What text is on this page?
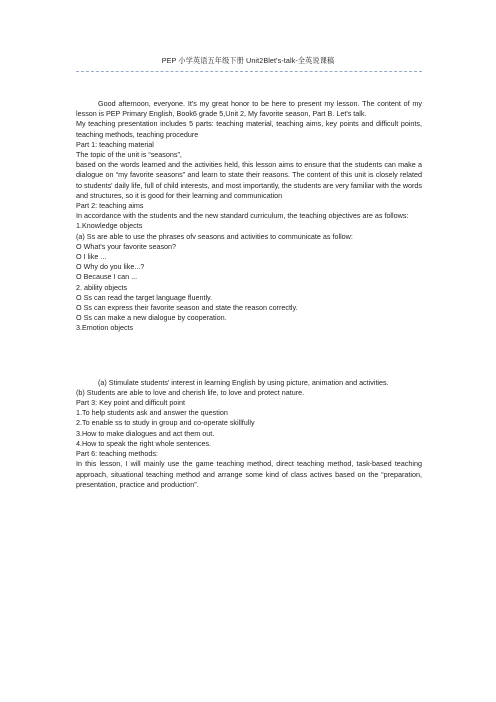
PEP 小学英语五年级下册 Unit2Blet's-talk-全英说课稿

Good afternoon, everyone. It's my great honor to be here to present my lesson. The content of my lesson is PEP Primary English, Book6 grade 5,Unit 2, My favorite season, Part B. Let's talk.

My teaching presentation includes 5 parts: teaching material, teaching aims, key points and difficult points, teaching methods, teaching procedure

Part 1: teaching material

The topic of the unit is “seasons”,

based on the words learned and the activities held, this lesson aims to ensure that the students can make a dialogue on “my favorite seasons” and learn to state their reasons. The content of this unit is closely related to students' daily life, full of child interests, and most importantly, the students are very familiar with the words and structures, so it is good for their learning and communication

Part 2: teaching aims

In accordance with the students and the new standard curriculum, the teaching objectives are as follows:

1.Knowledge objects

(a) Ss are able to use the phrases ofv seasons and activities to communicate as follow:

O What's your favorite season?

O I like ...

O Why do you like...?

O Because I can ...

2. ability objects

O Ss can read the target language fluently.

O Ss can express their favorite season and state the reason correctly.

O Ss can make a new dialogue by cooperation.

3.Emotion objects

(a) Stimulate students' interest in learning English by using picture, animation and activities.

(b) Students are able to love and cherish life, to love and protect nature.

Part 3: Key point and difficult point

1.To help students ask and answer the question

2.To enable ss to study in group and co-operate skillfully

3.How to make dialogues and act them out.

4.How to speak the right whole sentences.

Part 6: teaching methods:

In this lesson, I will mainly use the game teaching method, direct teaching method, task-based teaching approach, situational teaching method and arrange some kind of class actives based on the “preparation, presentation, practice and production”.
